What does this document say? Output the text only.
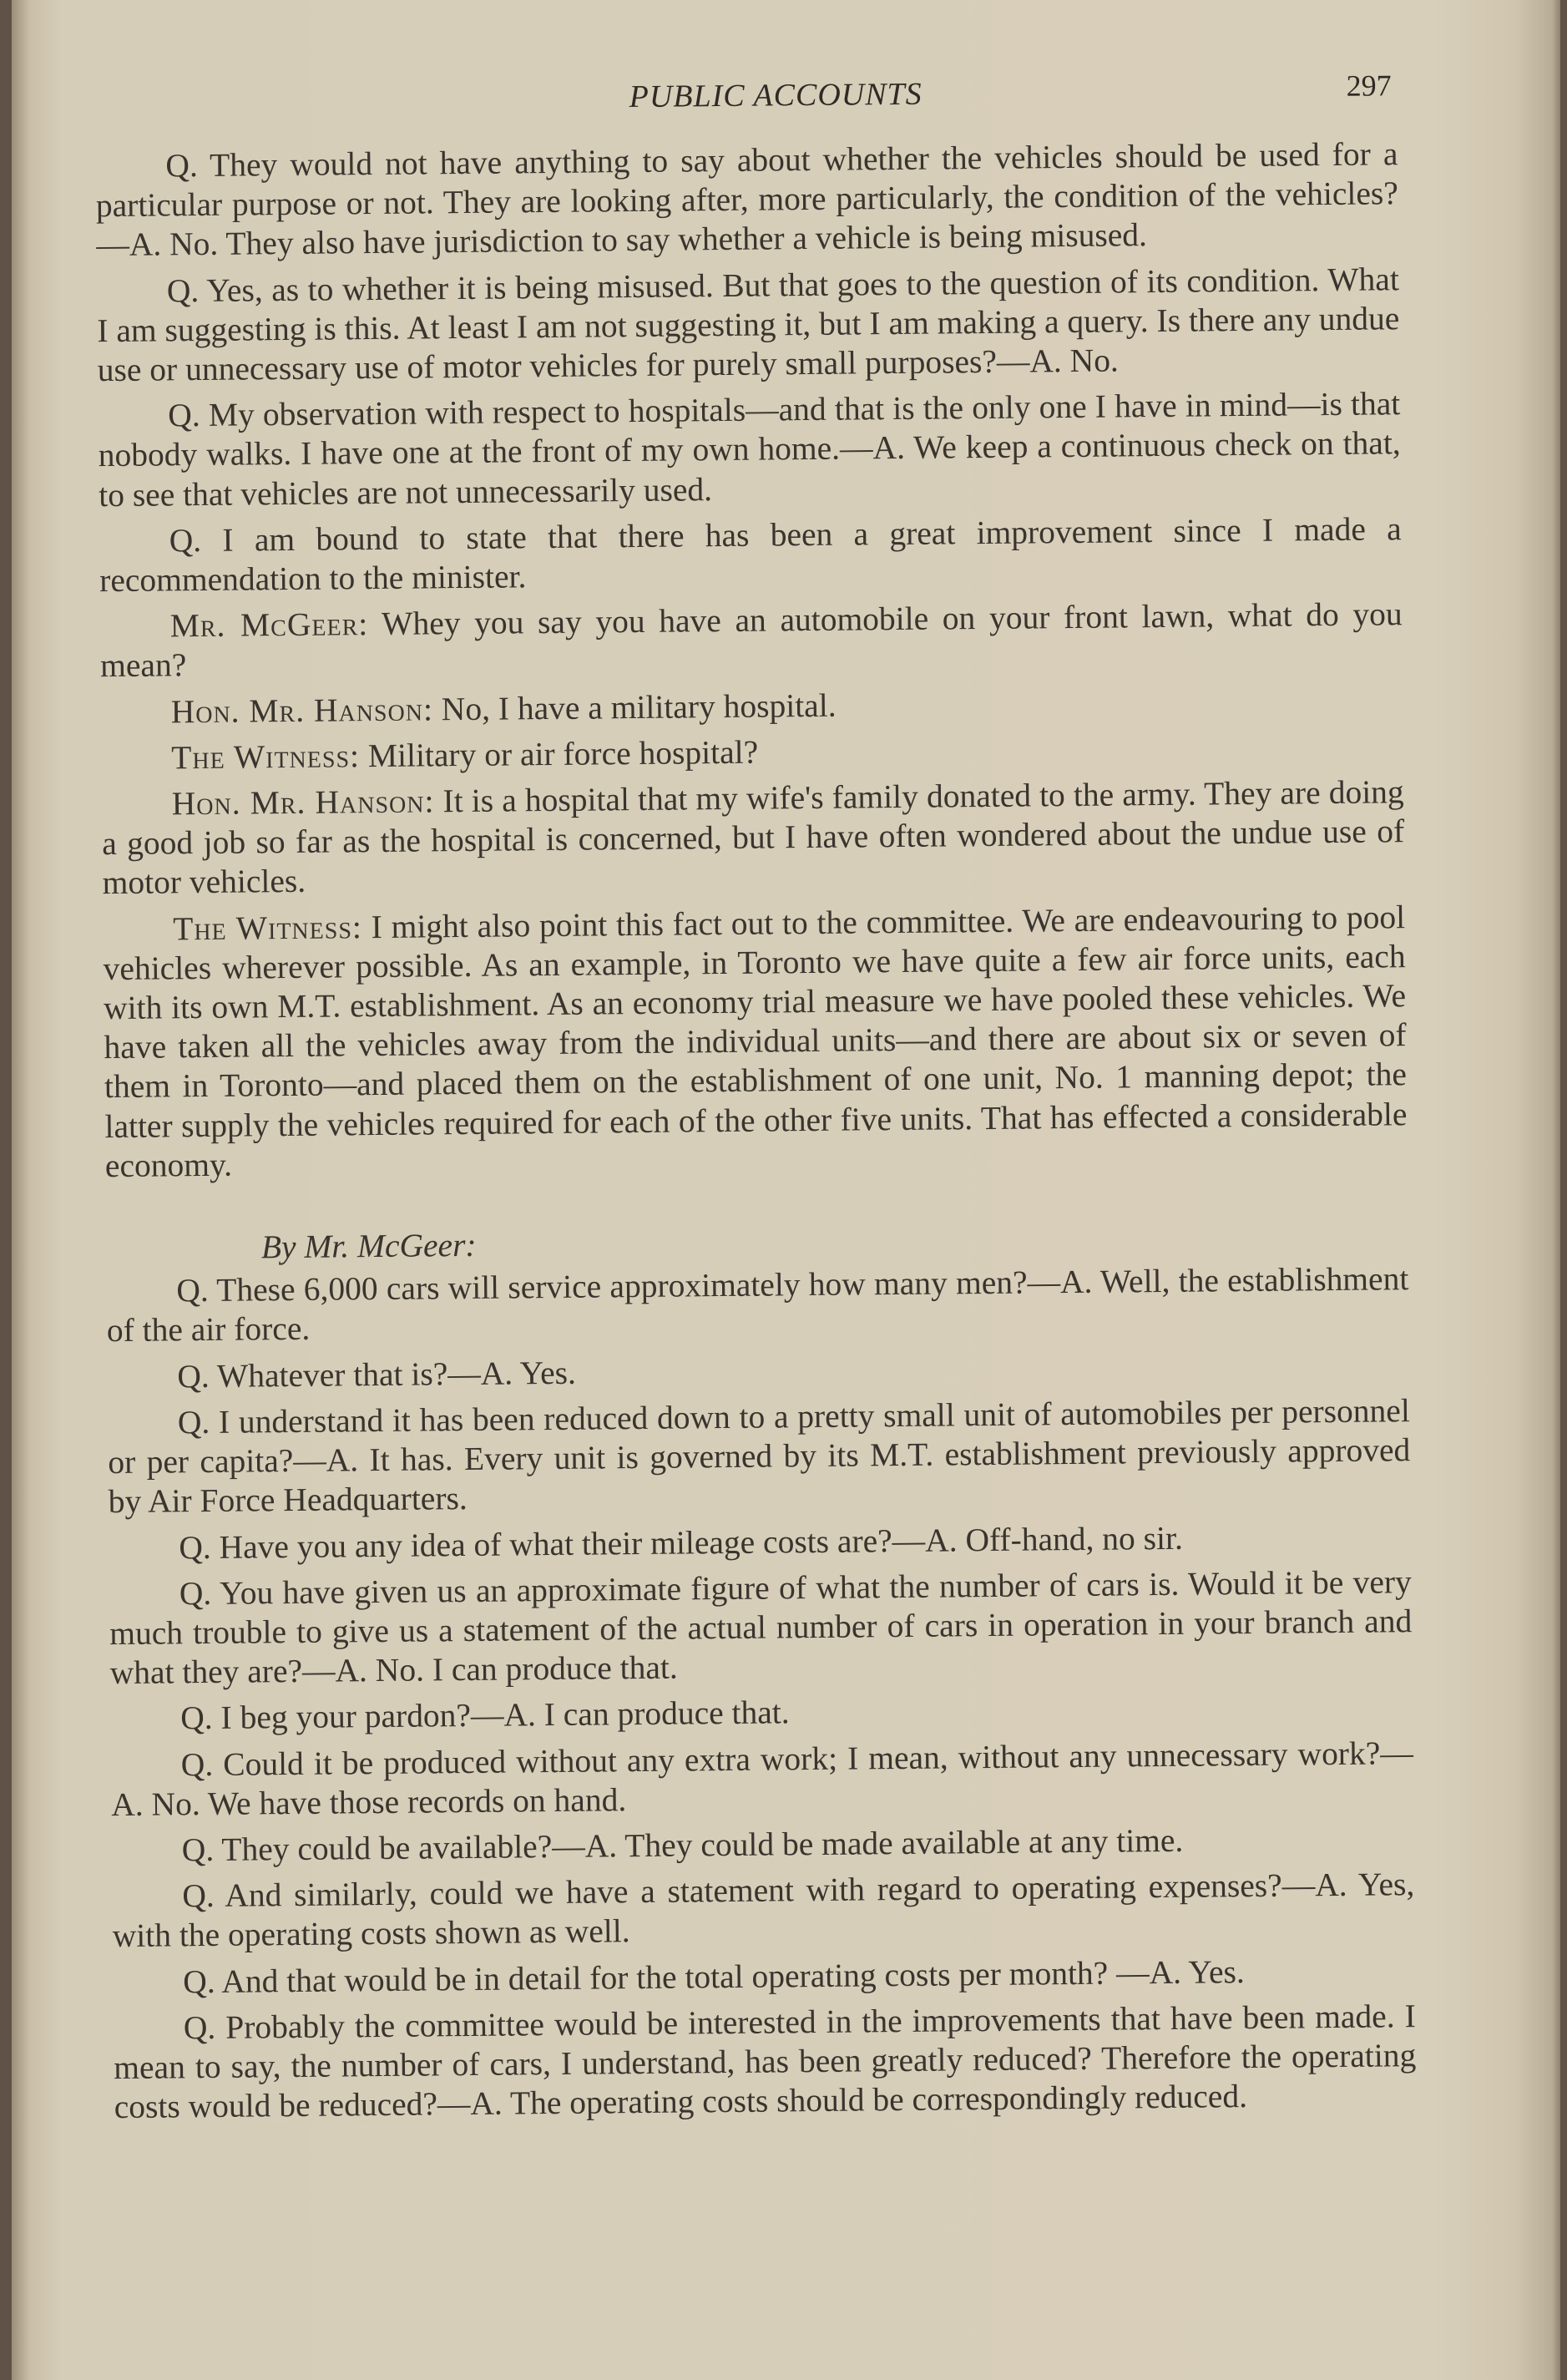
PUBLIC ACCOUNTS	297

Q. They would not have anything to say about whether the vehicles should be used for a particular purpose or not. They are looking after, more particularly, the condition of the vehicles?—A. No. They also have jurisdiction to say whether a vehicle is being misused.

Q. Yes, as to whether it is being misused. But that goes to the question of its condition. What I am suggesting is this. At least I am not suggesting it, but I am making a query. Is there any undue use or unnecessary use of motor vehicles for purely small purposes?—A. No.

Q. My observation with respect to hospitals—and that is the only one I have in mind—is that nobody walks. I have one at the front of my own home.—A. We keep a continuous check on that, to see that vehicles are not unnecessarily used.

Q. I am bound to state that there has been a great improvement since I made a recommendation to the minister.

Mr. McGeer: Whey you say you have an automobile on your front lawn, what do you mean?

Hon. Mr. Hanson: No, I have a military hospital.

The Witness: Military or air force hospital?

Hon. Mr. Hanson: It is a hospital that my wife's family donated to the army. They are doing a good job so far as the hospital is concerned, but I have often wondered about the undue use of motor vehicles.

The Witness: I might also point this fact out to the committee. We are endeavouring to pool vehicles wherever possible. As an example, in Toronto we have quite a few air force units, each with its own M.T. establishment. As an economy trial measure we have pooled these vehicles. We have taken all the vehicles away from the individual units—and there are about six or seven of them in Toronto—and placed them on the establishment of one unit, No. 1 manning depot; the latter supply the vehicles required for each of the other five units. That has effected a considerable economy.

By Mr. McGeer:

Q. These 6,000 cars will service approximately how many men?—A. Well, the establishment of the air force.

Q. Whatever that is?—A. Yes.

Q. I understand it has been reduced down to a pretty small unit of automobiles per personnel or per capita?—A. It has. Every unit is governed by its M.T. establishment previously approved by Air Force Headquarters.

Q. Have you any idea of what their mileage costs are?—A. Off-hand, no sir.

Q. You have given us an approximate figure of what the number of cars is. Would it be very much trouble to give us a statement of the actual number of cars in operation in your branch and what they are?—A. No. I can produce that.

Q. I beg your pardon?—A. I can produce that.

Q. Could it be produced without any extra work; I mean, without any unnecessary work?—A. No. We have those records on hand.

Q. They could be available?—A. They could be made available at any time.

Q. And similarly, could we have a statement with regard to operating expenses?—A. Yes, with the operating costs shown as well.

Q. And that would be in detail for the total operating costs per month? —A. Yes.

Q. Probably the committee would be interested in the improvements that have been made. I mean to say, the number of cars, I understand, has been greatly reduced? Therefore the operating costs would be reduced?—A. The operating costs should be correspondingly reduced.
